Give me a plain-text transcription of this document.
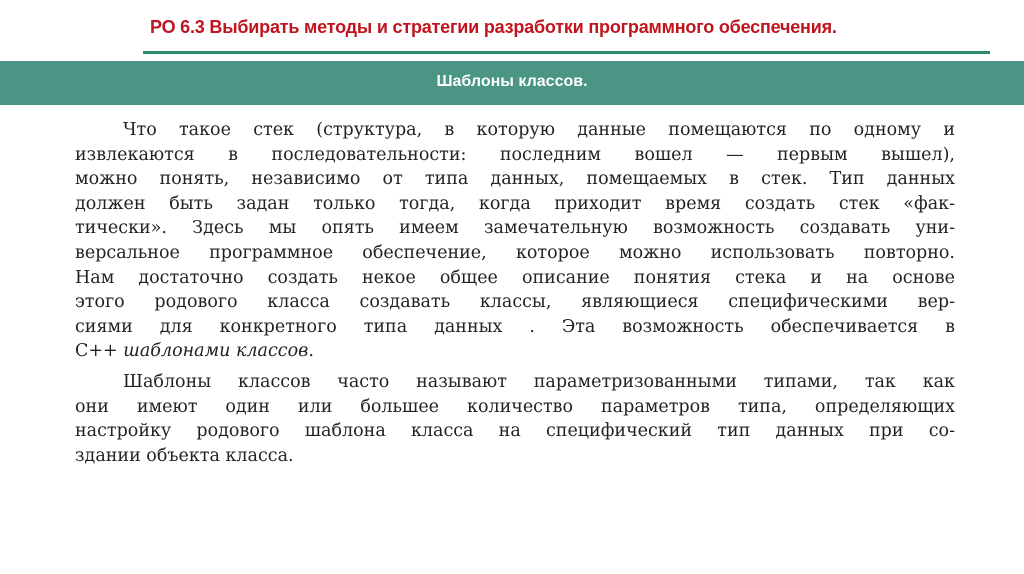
РО 6.3 Выбирать методы и стратегии разработки программного обеспечения.
Шаблоны классов.
Что такое стек (структура, в которую данные помещаются по одному и
извлекаются в последовательности: последним вошел — первым вышел),
можно понять, независимо от типа данных, помещаемых в стек. Тип данных
должен быть задан только тогда, когда приходит время создать стек «фак-
тически». Здесь мы опять имеем замечательную возможность создавать уни-
версальное программное обеспечение, которое можно использовать повторно.
Нам достаточно создать некое общее описание понятия стека и на основе
этого родового класса создавать классы, являющиеся специфическими вер-
сиями для конкретного типа данных . Эта возможность обеспечивается в
C++ шаблонами классов.
Шаблоны классов часто называют параметризованными типами, так как
они имеют один или большее количество параметров типа, определяющих
настройку родового шаблона класса на специфический тип данных при со-
здании объекта класса.
